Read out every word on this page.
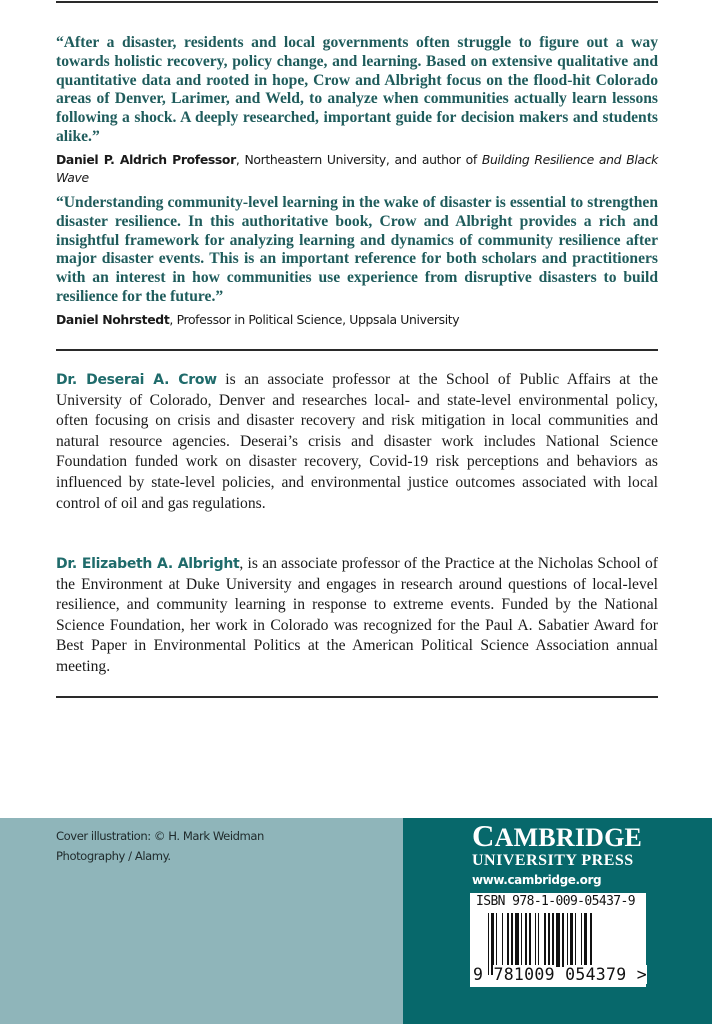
“After a disaster, residents and local governments often struggle to figure out a way towards holistic recovery, policy change, and learning. Based on extensive qualitative and quantitative data and rooted in hope, Crow and Albright focus on the flood-hit Colorado areas of Denver, Larimer, and Weld, to analyze when communities actually learn lessons following a shock. A deeply researched, important guide for decision makers and students alike.”

Daniel P. Aldrich Professor, Northeastern University, and author of Building Resilience and Black Wave

“Understanding community-level learning in the wake of disaster is essential to strengthen disaster resilience. In this authoritative book, Crow and Albright provides a rich and insightful framework for analyzing learning and dynamics of community resilience after major disaster events. This is an important reference for both scholars and practitioners with an interest in how communities use experience from disruptive disasters to build resilience for the future.”

Daniel Nohrstedt, Professor in Political Science, Uppsala University

Dr. Deserai A. Crow is an associate professor at the School of Public Affairs at the University of Colorado, Denver and researches local- and state-level environmental policy, often focusing on crisis and disaster recovery and risk mitigation in local communities and natural resource agencies. Deserai’s crisis and disaster work includes National Science Foundation funded work on disaster recovery, Covid-19 risk perceptions and behaviors as influenced by state-level policies, and environmental justice outcomes associated with local control of oil and gas regulations.

Dr. Elizabeth A. Albright, is an associate professor of the Practice at the Nicholas School of the Environment at Duke University and engages in research around questions of local-level resilience, and community learning in response to extreme events. Funded by the National Science Foundation, her work in Colorado was recognized for the Paul A. Sabatier Award for Best Paper in Environmental Politics at the American Political Science Association annual meeting.

Cover illustration: © H. Mark Weidman
Photography / Alamy.
CAMBRIDGE
UNIVERSITY PRESS
www.cambridge.org
ISBN 978-1-009-05437-9
9 781009 054379 >
